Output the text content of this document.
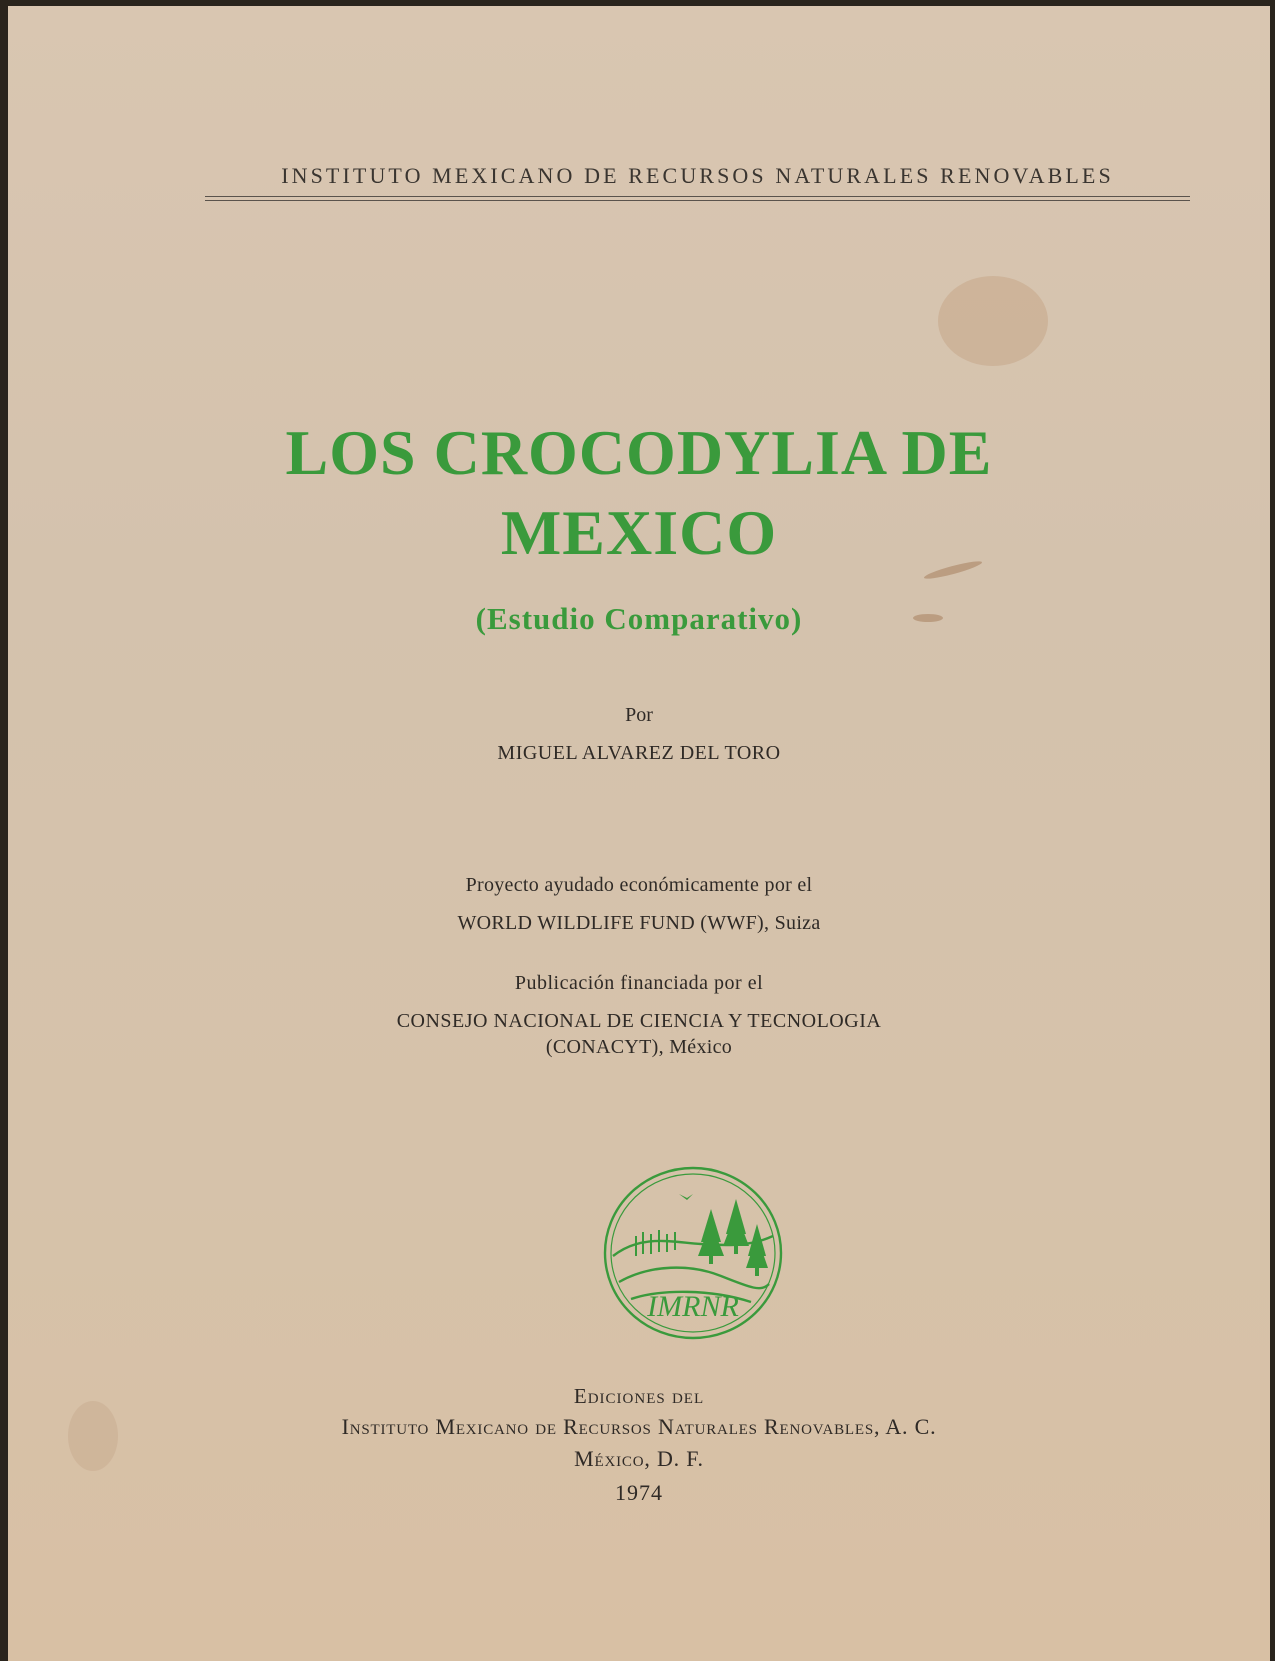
INSTITUTO MEXICANO DE RECURSOS NATURALES RENOVABLES
LOS CROCODYLIA DE
MEXICO
(Estudio Comparativo)
Por
MIGUEL ALVAREZ DEL TORO
Proyecto ayudado económicamente por el
WORLD WILDLIFE FUND (WWF), Suiza
Publicación financiada por el
CONSEJO NACIONAL DE CIENCIA Y TECNOLOGIA
(CONACYT), México
IMRNR
Ediciones del
Instituto Mexicano de Recursos Naturales Renovables, A. C.
México, D. F.
1974
